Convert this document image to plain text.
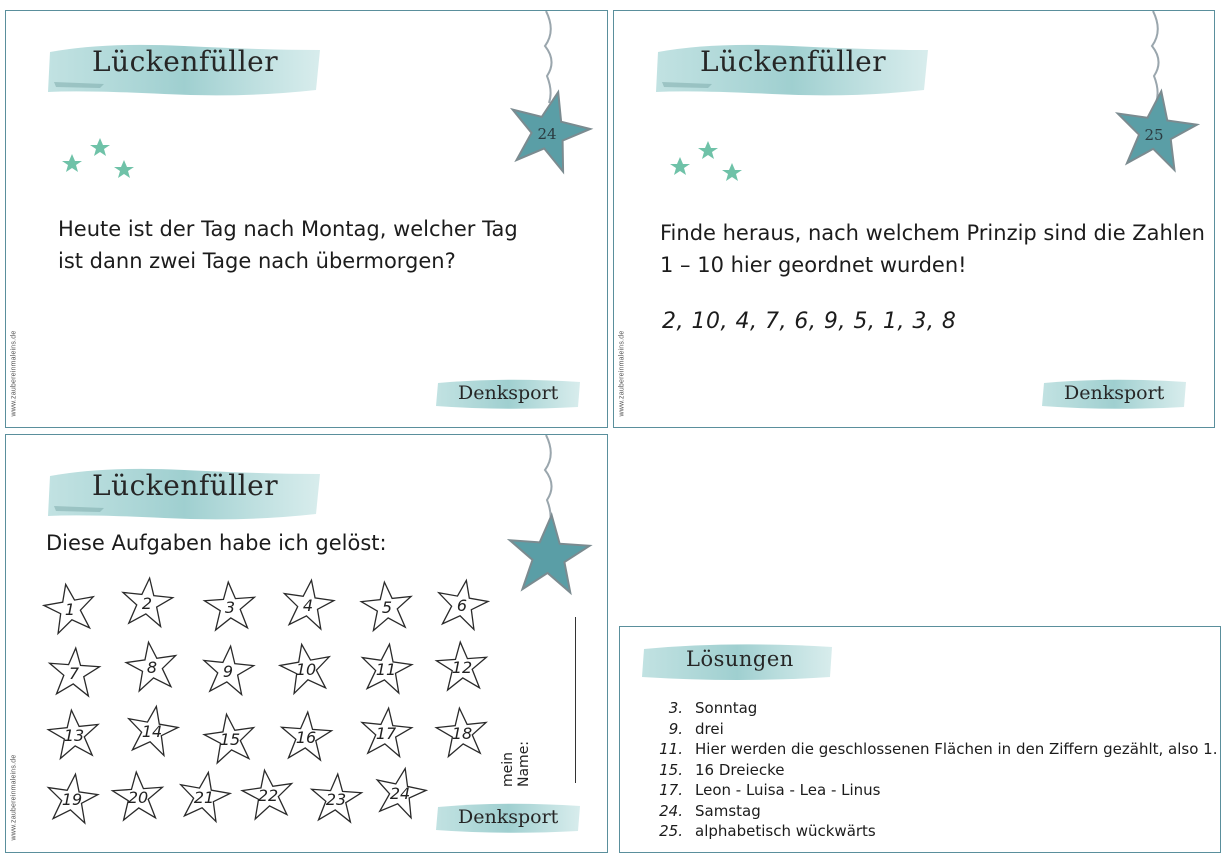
Lückenfüller
24
Heute ist der Tag nach Montag, welcher Tag
ist dann zwei Tage nach übermorgen?
Denksport
www.zaubereinmaleins.de
Lückenfüller
25
Finde heraus, nach welchem Prinzip sind die Zahlen
1 – 10 hier geordnet wurden!
2, 10, 4, 7, 6, 9, 5, 1, 3, 8
Denksport
www.zaubereinmaleins.de
Lückenfüller
Diese Aufgaben habe ich gelöst:
1	2	3	4	5	6
7	8	9	10	11	12
13	14	15	16	17	18
19	20	21	22	23	24
mein Name:
Denksport
www.zaubereinmaleins.de
Lösungen
3. Sonntag
9. drei
11. Hier werden die geschlossenen Flächen in den Ziffern gezählt, also 1.
15. 16 Dreiecke
17. Leon - Luisa - Lea - Linus
24. Samstag
25. alphabetisch wückwärts
